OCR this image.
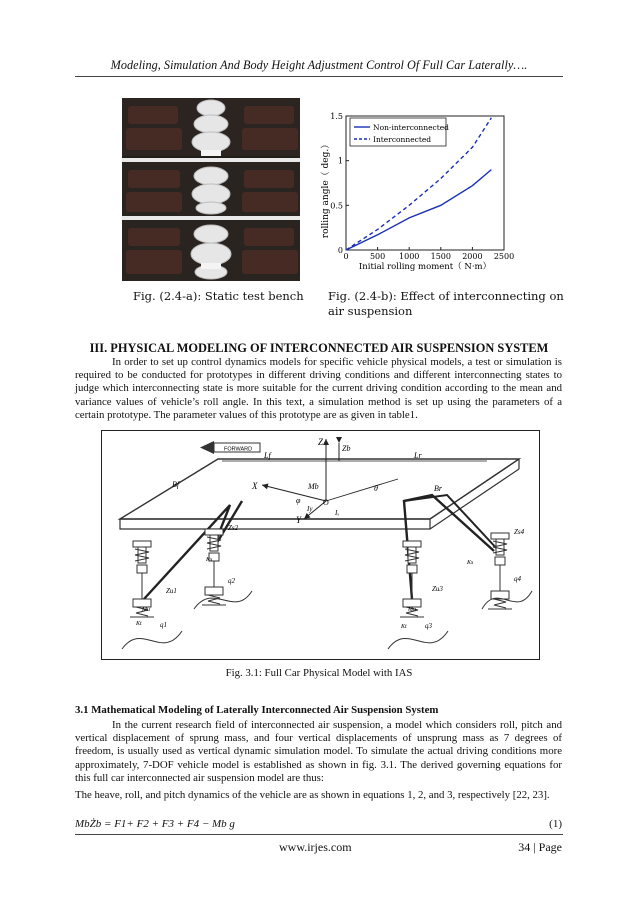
Modeling, Simulation And Body Height Adjustment Control Of Full Car Laterally….
Fig. (2.4-a): Static test bench
0	500 1000 1500 2000 2500
0
0.5
1
1.5
Initial rolling moment（ N·m）
rolling angle（ deg.）
Non-interconnected
Interconnected
Fig. (2.4-b): Effect of interconnecting on air suspension
III. PHYSICAL MODELING OF INTERCONNECTED AIR SUSPENSION SYSTEM
In order to set up control dynamics models for specific vehicle physical models, a test or simulation is required to be conducted for prototypes in different driving conditions and different interconnecting states to judge which interconnecting state is more suitable for the current driving condition according to the mean and variance values of vehicle’s roll angle. In this text, a simulation method is set up using the parameters of a certain prototype. The parameter values of this prototype are as given in table1.
FORWARD
Z
Zb
Lf	Lr
X
Y
Mb
φ
θ
O
Iₓ
Iy
Bf	Br
Zs2	Zs4
Zu1	Zu3
Ks	Ks
Kt	Kt
q1
q2
q3
q4
Mu	Mu
Fig. 3.1: Full Car Physical Model with IAS
3.1 Mathematical Modeling of Laterally Interconnected Air Suspension System
In the current research field of interconnected air suspension, a model which considers roll, pitch and vertical displacement of sprung mass, and four vertical displacements of unsprung mass as 7 degrees of freedom, is usually used as vertical dynamic simulation model. To simulate the actual driving conditions more approximately, 7-DOF vehicle model is established as shown in fig. 3.1. The derived governing equations for this full car interconnected air suspension model are thus:
The heave, roll, and pitch dynamics of the vehicle are as shown in equations 1, 2, and 3, respectively [22, 23].
MbŻb = F1+ F2 + F3 + F4 − Mb g	(1)
www.irjes.com	34 | Page
